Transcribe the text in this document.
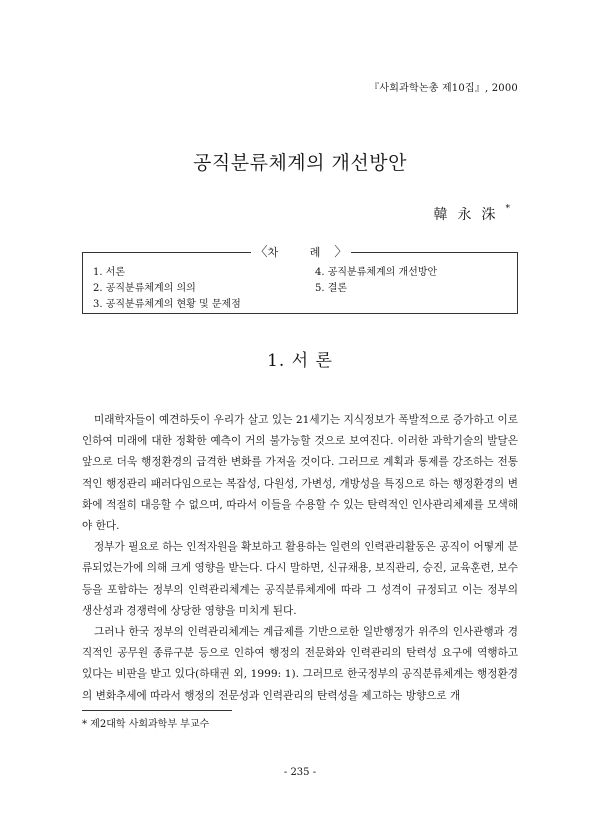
『사회과학논총 제10집』, 2000
공직분류체계의 개선방안
韓永洙*
〈차 례〉
1. 서론
2. 공직분류체계의 의의
3. 공직분류체계의 현황 및 문제점
4. 공직분류체계의 개선방안
5. 결론
1. 서 론

미래학자들이 예견하듯이 우리가 살고 있는 21세기는 지식정보가 폭발적으로 증가하고 이로 인하여 미래에 대한 정확한 예측이 거의 불가능할 것으로 보여진다. 이러한 과학기술의 발달은 앞으로 더욱 행정환경의 급격한 변화를 가져올 것이다. 그러므로 계획과 통제를 강조하는 전통적인 행정관리 패러다임으로는 복잡성, 다원성, 가변성, 개방성을 특징으로 하는 행정환경의 변화에 적절히 대응할 수 없으며, 따라서 이들을 수용할 수 있는 탄력적인 인사관리체제를 모색해야 한다.

정부가 필요로 하는 인적자원을 확보하고 활용하는 일련의 인력관리활동은 공직이 어떻게 분류되었는가에 의해 크게 영향을 받는다. 다시 말하면, 신규채용, 보직관리, 승진, 교육훈련, 보수 등을 포함하는 정부의 인력관리체계는 공직분류체계에 따라 그 성격이 규정되고 이는 정부의 생산성과 경쟁력에 상당한 영향을 미치게 된다.

그러나 한국 정부의 인력관리체계는 계급제를 기반으로한 일반행정가 위주의 인사관행과 경직적인 공무원 종류구분 등으로 인하여 행정의 전문화와 인력관리의 탄력성 요구에 역행하고 있다는 비판을 받고 있다(하태권 외, 1999: 1). 그러므로 한국정부의 공직분류체계는 행정환경의 변화추세에 따라서 행정의 전문성과 인력관리의 탄력성을 제고하는 방향으로 개

* 제2대학 사회과학부 부교수
- 235 -
